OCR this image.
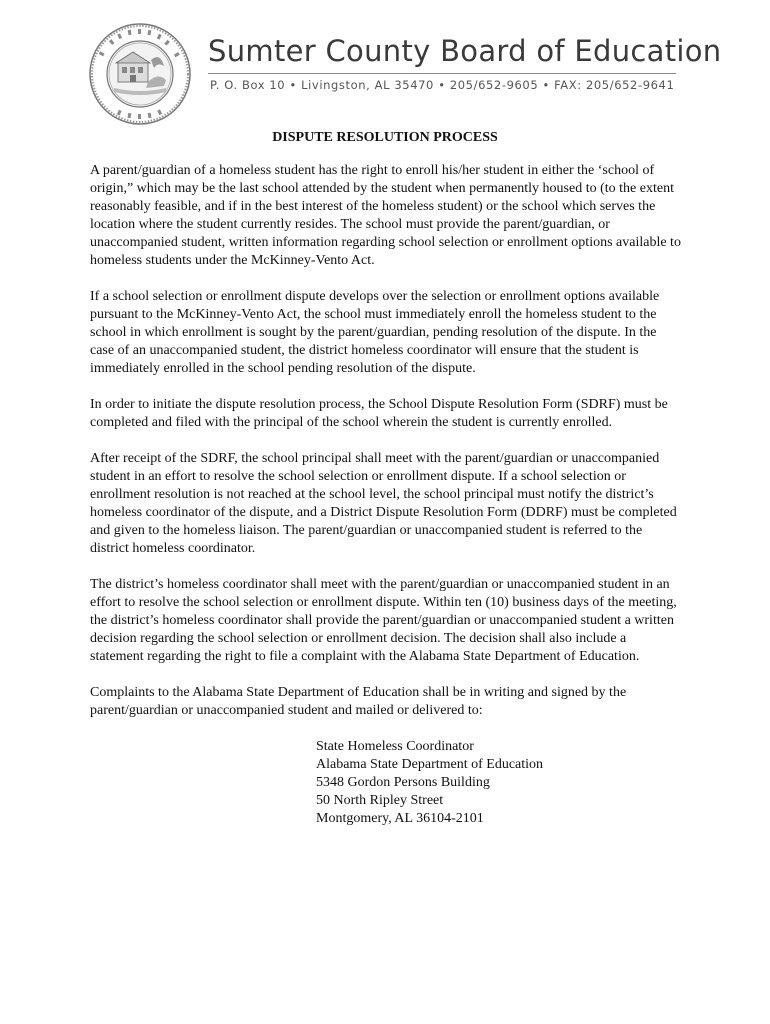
Sumter County Board of Education
P. O. Box 10 • Livingston, AL 35470 • 205/652-9605 • FAX: 205/652-9641
DISPUTE RESOLUTION PROCESS

A parent/guardian of a homeless student has the right to enroll his/her student in either the ‘school of origin,” which may be the last school attended by the student when permanently housed to (to the extent reasonably feasible, and if in the best interest of the homeless student) or the school which serves the location where the student currently resides. The school must provide the parent/guardian, or unaccompanied student, written information regarding school selection or enrollment options available to homeless students under the McKinney-Vento Act.

If a school selection or enrollment dispute develops over the selection or enrollment options available pursuant to the McKinney-Vento Act, the school must immediately enroll the homeless student to the school in which enrollment is sought by the parent/guardian, pending resolution of the dispute. In the case of an unaccompanied student, the district homeless coordinator will ensure that the student is immediately enrolled in the school pending resolution of the dispute.

In order to initiate the dispute resolution process, the School Dispute Resolution Form (SDRF) must be completed and filed with the principal of the school wherein the student is currently enrolled.

After receipt of the SDRF, the school principal shall meet with the parent/guardian or unaccompanied student in an effort to resolve the school selection or enrollment dispute. If a school selection or enrollment resolution is not reached at the school level, the school principal must notify the district’s homeless coordinator of the dispute, and a District Dispute Resolution Form (DDRF) must be completed and given to the homeless liaison. The parent/guardian or unaccompanied student is referred to the district homeless coordinator.

The district’s homeless coordinator shall meet with the parent/guardian or unaccompanied student in an effort to resolve the school selection or enrollment dispute. Within ten (10) business days of the meeting, the district’s homeless coordinator shall provide the parent/guardian or unaccompanied student a written decision regarding the school selection or enrollment decision. The decision shall also include a statement regarding the right to file a complaint with the Alabama State Department of Education.

Complaints to the Alabama State Department of Education shall be in writing and signed by the parent/guardian or unaccompanied student and mailed or delivered to:

State Homeless Coordinator
Alabama State Department of Education
5348 Gordon Persons Building
50 North Ripley Street
Montgomery, AL 36104-2101
